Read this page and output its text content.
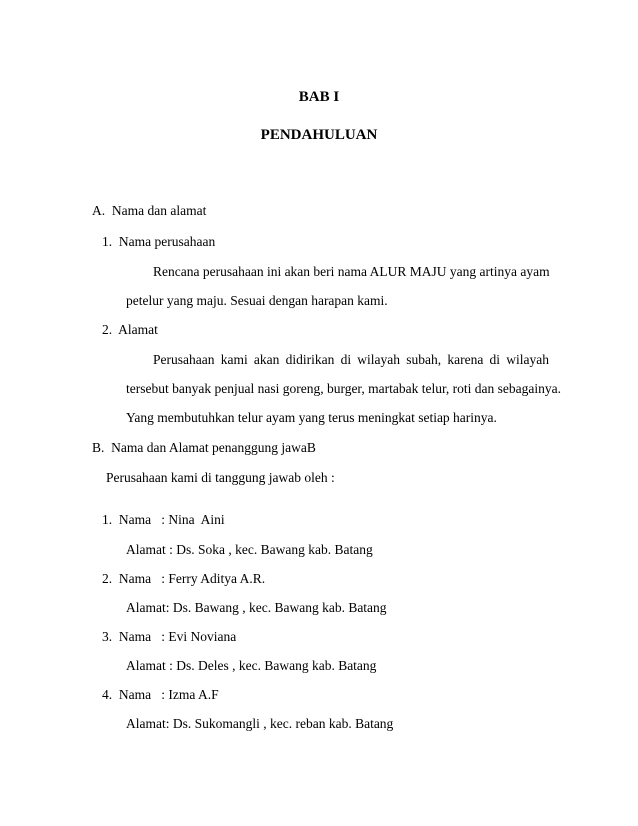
BAB I
PENDAHULUAN
A.  Nama dan alamat
1.  Nama perusahaan
Rencana perusahaan ini akan beri nama ALUR MAJU yang artinya ayam
petelur yang maju. Sesuai dengan harapan kami.
2.  Alamat
Perusahaan kami akan didirikan di wilayah subah, karena di wilayah
tersebut banyak penjual nasi goreng, burger, martabak telur, roti dan sebagainya.
Yang membutuhkan telur ayam yang terus meningkat setiap harinya.
B.  Nama dan Alamat penanggung jawaB
Perusahaan kami di tanggung jawab oleh :
1.  Nama   : Nina  Aini
Alamat : Ds. Soka , kec. Bawang kab. Batang
2.  Nama   : Ferry Aditya A.R.
Alamat: Ds. Bawang , kec. Bawang kab. Batang
3.  Nama   : Evi Noviana
Alamat : Ds. Deles , kec. Bawang kab. Batang
4.  Nama   : Izma A.F
Alamat: Ds. Sukomangli , kec. reban kab. Batang
